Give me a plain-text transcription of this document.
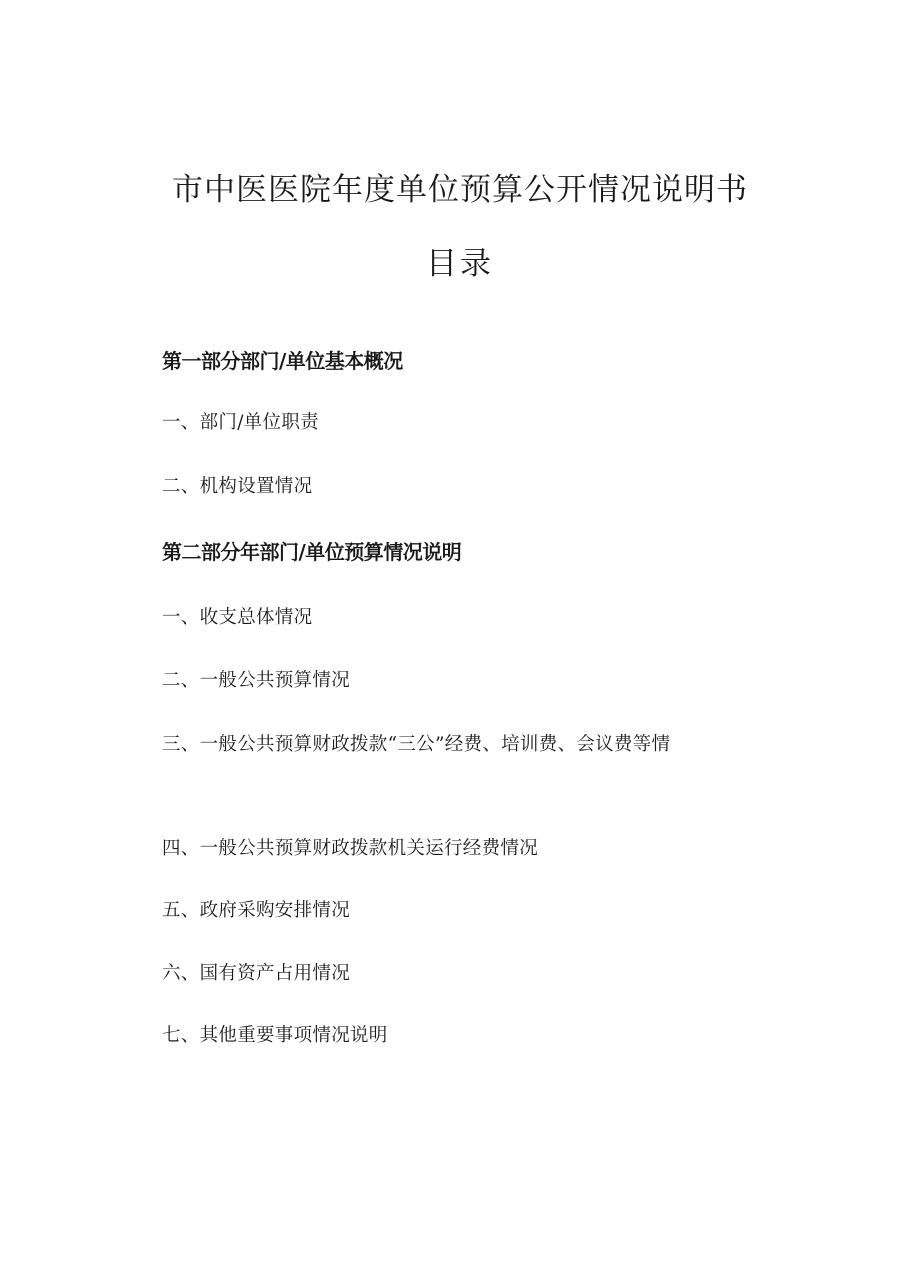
市中医医院年度单位预算公开情况说明书
目录

第一部分部门/单位基本概况

一、部门/单位职责

二、机构设置情况

第二部分年部门/单位预算情况说明

一、收支总体情况

二、一般公共预算情况

三、一般公共预算财政拨款“三公”经费、培训费、会议费等情

四、一般公共预算财政拨款机关运行经费情况

五、政府采购安排情况

六、国有资产占用情况

七、其他重要事项情况说明
